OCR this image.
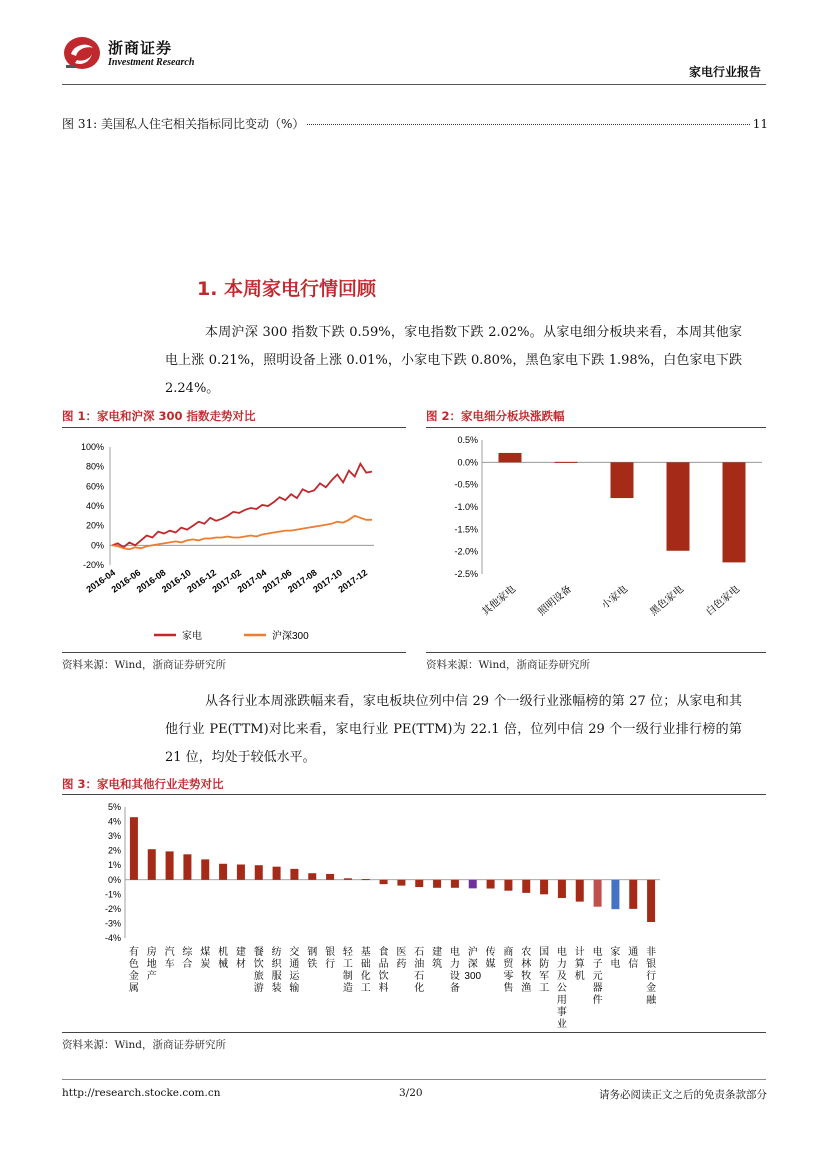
浙商证券
Investment Research
家电行业报告
图 31: 美国私人住宅相关指标同比变动（%）	11
1. 本周家电行情回顾
本周沪深 300 指数下跌 0.59%，家电指数下跌 2.02%。从家电细分板块来看，本周其他家电上涨 0.21%，照明设备上涨 0.01%，小家电下跌 0.80%，黑色家电下跌 1.98%，白色家电下跌 2.24%。
图 1：家电和沪深 300 指数走势对比
-20%
0%
20%
40%
60%
80%
100%
2016-04
2016-06
2016-08
2016-10
2016-12
2017-02
2017-04
2017-06
2017-08
2017-10
2017-12
家电	沪深300
资料来源：Wind，浙商证券研究所
图 2：家电细分板块涨跌幅
0.5%
0.0%
-0.5%
-1.0%
-1.5%
-2.0%
-2.5%
其他家电 照明设备	小家电 黑色家电 白色家电
资料来源：Wind，浙商证券研究所
从各行业本周涨跌幅来看，家电板块位列中信 29 个一级行业涨幅榜的第 27 位；从家电和其他行业 PE(TTM)对比来看，家电行业 PE(TTM)为 22.1 倍，位列中信 29 个一级行业排行榜的第 21 位，均处于较低水平。
图 3：家电和其他行业走势对比
5%
4%
3%
2%
1%
0%
-1%
-2%
-3%
-4%
有色金属
房地产
汽车
综合
煤炭
机械
建材
餐饮旅游
纺织服装
交通运输
钢铁
银行
轻工制造
基础化工
食品饮料
医药
石油石化
建筑
电力设备
沪深 300
传媒
商贸零售
农林牧渔
国防军工
电力及公用事业
计算机
电子元器件
家电
通信
非银行金融
资料来源：Wind，浙商证券研究所
http://research.stocke.com.cn	3/20	请务必阅读正文之后的免责条款部分
